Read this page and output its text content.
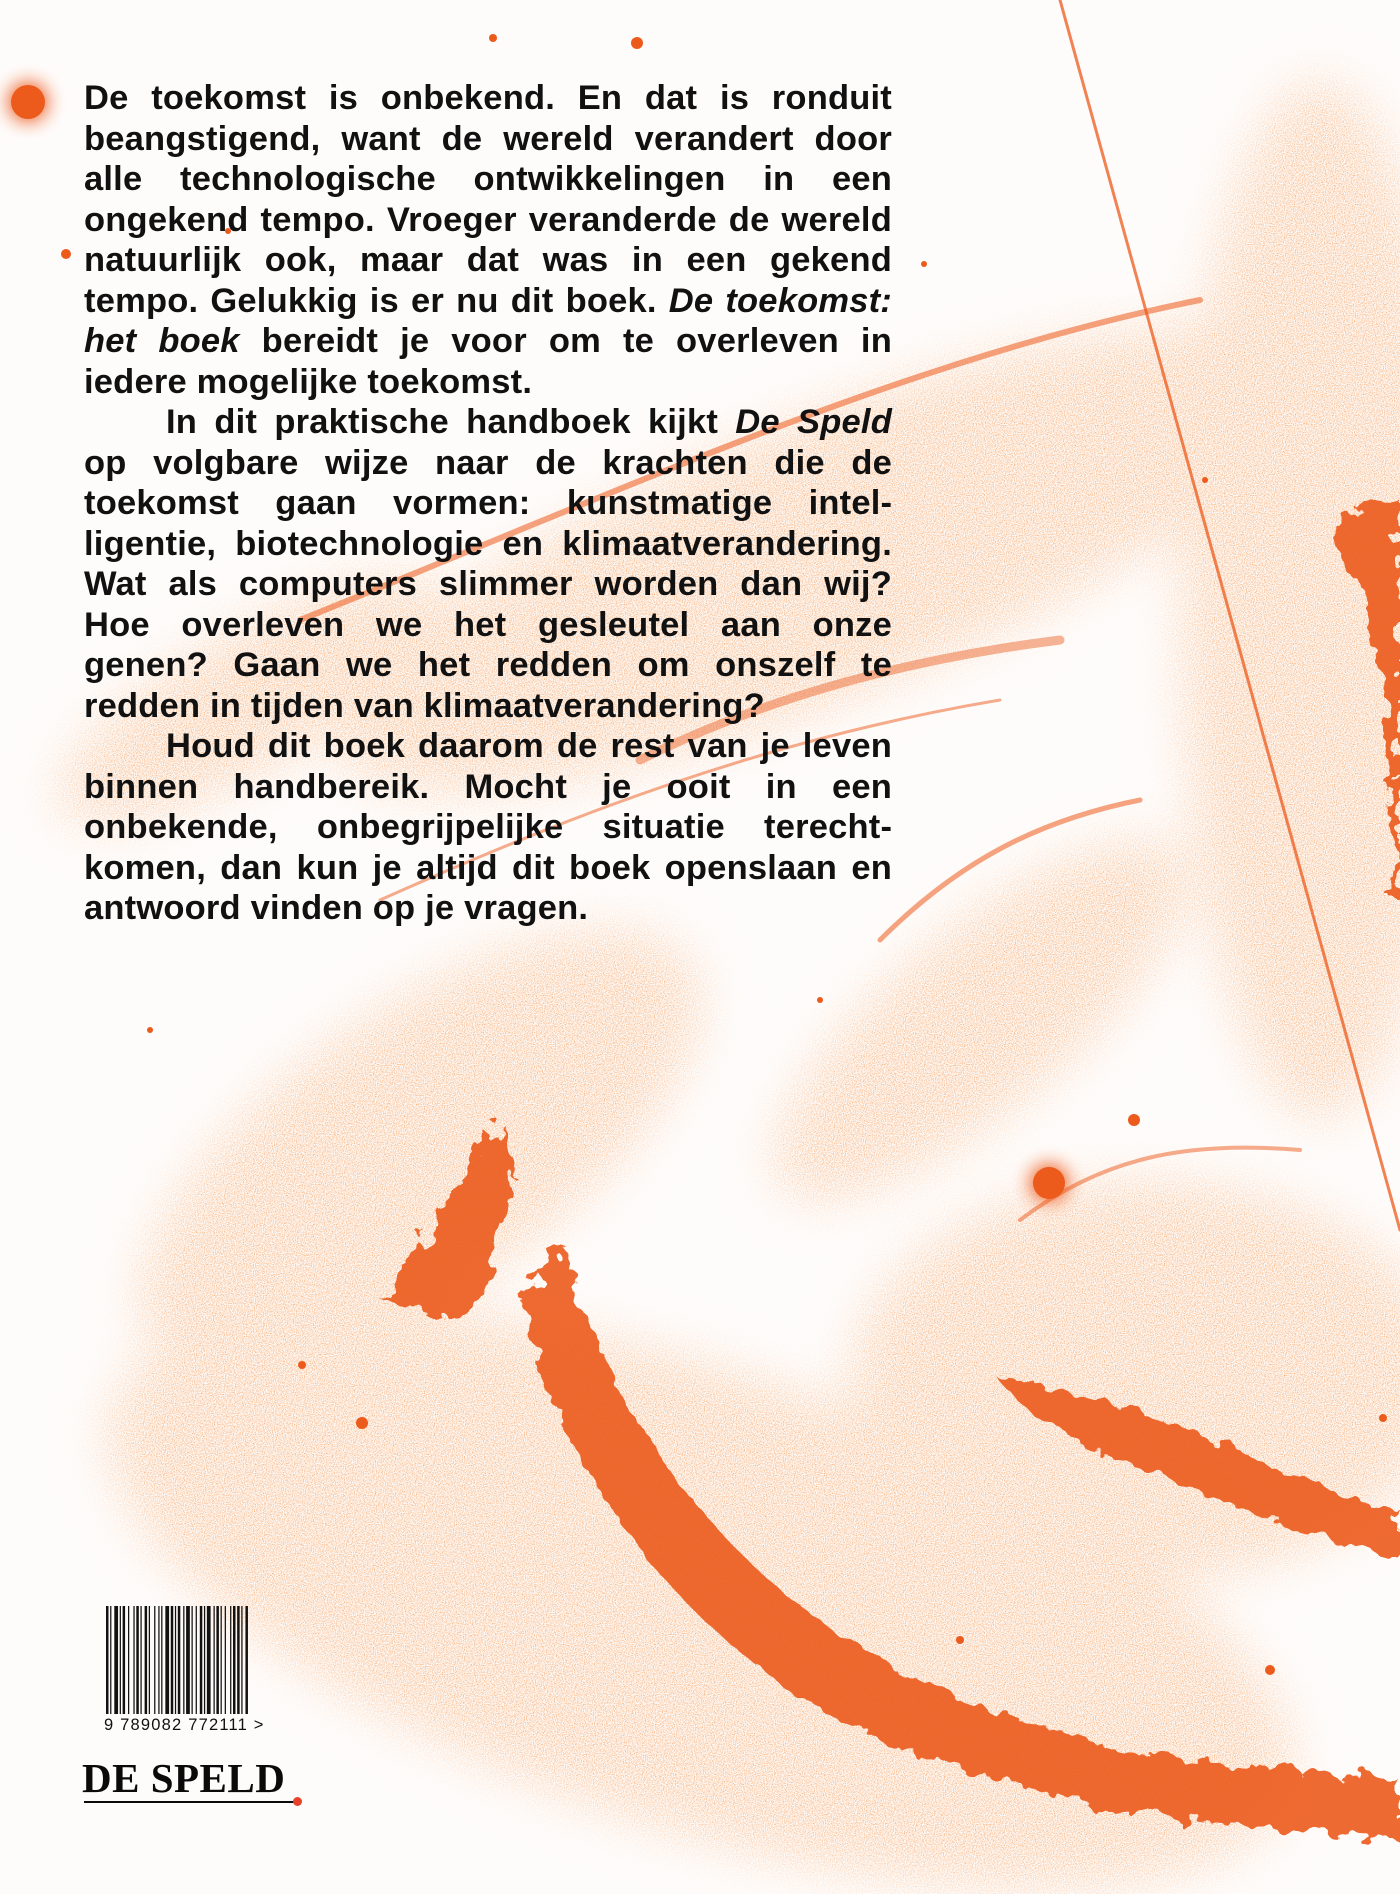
De toekomst is onbekend. En dat is ronduit beangstigend, want de wereld verandert door alle technologische ontwikkelingen in een ongekend tempo. Vroeger veranderde de wereld natuurlijk ook, maar dat was in een gekend tempo. Gelukkig is er nu dit boek. De toekomst: het boek bereidt je voor om te overleven in iedere mogelijke toekomst.

In dit praktische handboek kijkt De Speld op volgbare wijze naar de krachten die de toekomst gaan vormen: kunstmatige intelligentie, biotechnologie en klimaatverandering. Wat als computers slimmer worden dan wij? Hoe overleven we het gesleutel aan onze genen? Gaan we het redden om onszelf te redden in tijden van klimaatverandering?

Houd dit boek daarom de rest van je leven binnen handbereik. Mocht je ooit in een onbekende, onbegrijpelijke situatie terechtkomen, dan kun je altijd dit boek openslaan en antwoord vinden op je vragen.

9 789082 772111 >
DE SPELD
